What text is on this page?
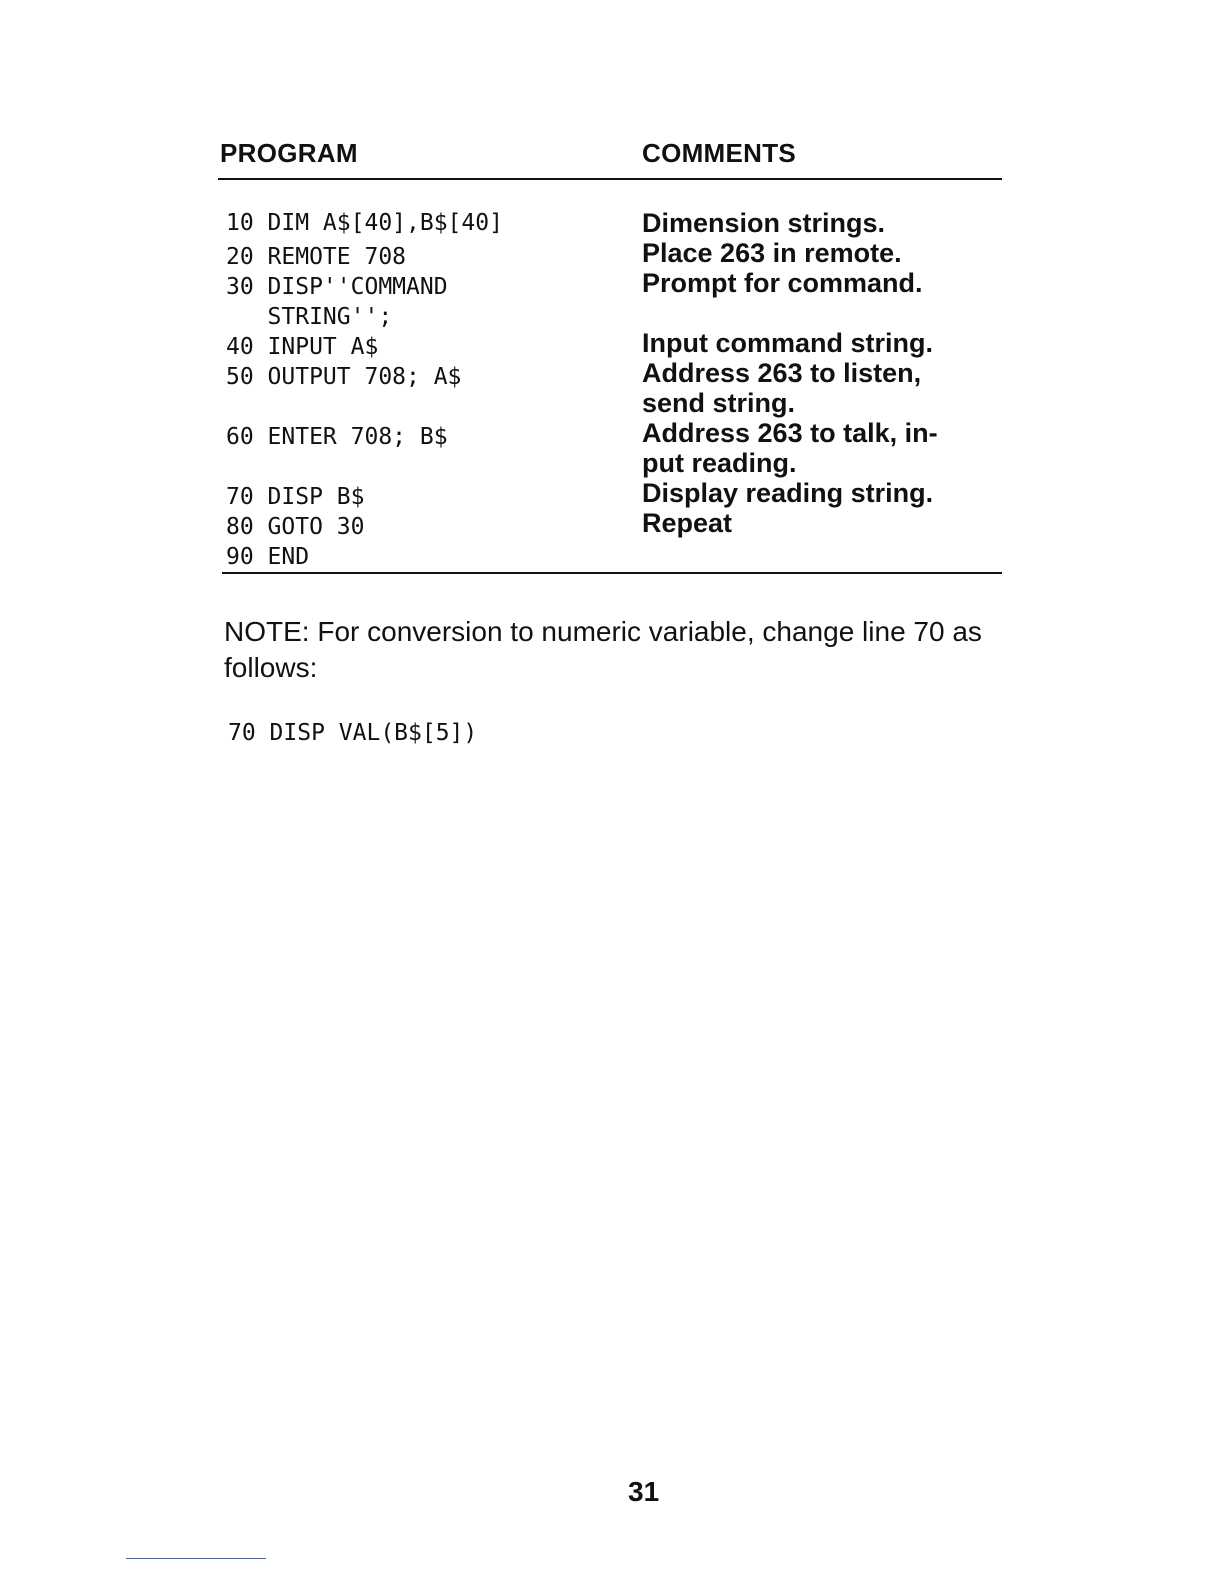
PROGRAM	COMMENTS
10 DIM A$[40],B$[40]
20 REMOTE 708
30 DISP''COMMAND
STRING'';
40 INPUT A$
50 OUTPUT 708; A$
60 ENTER 708; B$
70 DISP B$
80 GOTO 30
90 END
Dimension strings.
Place 263 in remote.
Prompt for command.
Input command string.
Address 263 to listen,
send string.
Address 263 to talk, in-
put reading.
Display reading string.
Repeat
NOTE: For conversion to numeric variable, change line 70 as follows:
70 DISP VAL(B$[5])
31
